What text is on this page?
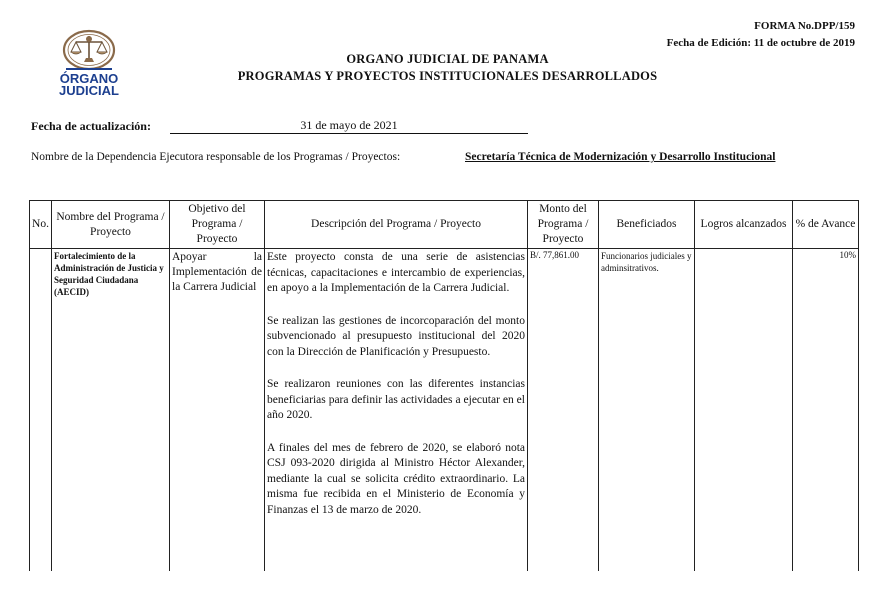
FORMA No.DPP/159
Fecha de Edición: 11 de octubre de 2019
ÓRGANO
JUDICIAL
ORGANO JUDICIAL DE PANAMA
PROGRAMAS Y PROYECTOS INSTITUCIONALES DESARROLLADOS
Fecha de actualización:	31 de mayo de 2021
Nombre de la Dependencia Ejecutora responsable de los Programas / Proyectos:	Secretaría Técnica de Modernización y Desarrollo Institucional
No.	Nombre del Programa / Proyecto	Objetivo del Programa / Proyecto	Descripción del Programa / Proyecto	Monto del Programa / Proyecto	Beneficiados	Logros alcanzados	% de Avance
	Fortalecimiento de la Administración de Justicia y Seguridad Ciudadana (AECID)	Apoyar la Implementación de la Carrera Judicial	Este proyecto consta de una serie de asistencias técnicas, capacitaciones e intercambio de experiencias, en apoyo a la Implementación de la Carrera Judicial.

Se realizan las gestiones de incorcoparación del monto subvencionado al presupuesto institucional del 2020 con la Dirección de Planificación y Presupuesto.

Se realizaron reuniones con las diferentes instancias beneficiarias para definir las actividades a ejecutar en el año 2020.

A finales del mes de febrero de 2020, se elaboró nota CSJ 093-2020 dirigida al Ministro Héctor Alexander, mediante la cual se solicita crédito extraordinario. La misma fue recibida en el Ministerio de Economía y Finanzas el 13 de marzo de 2020.	B/. 77,861.00	Funcionarios judiciales y adminsitrativos.		10%
